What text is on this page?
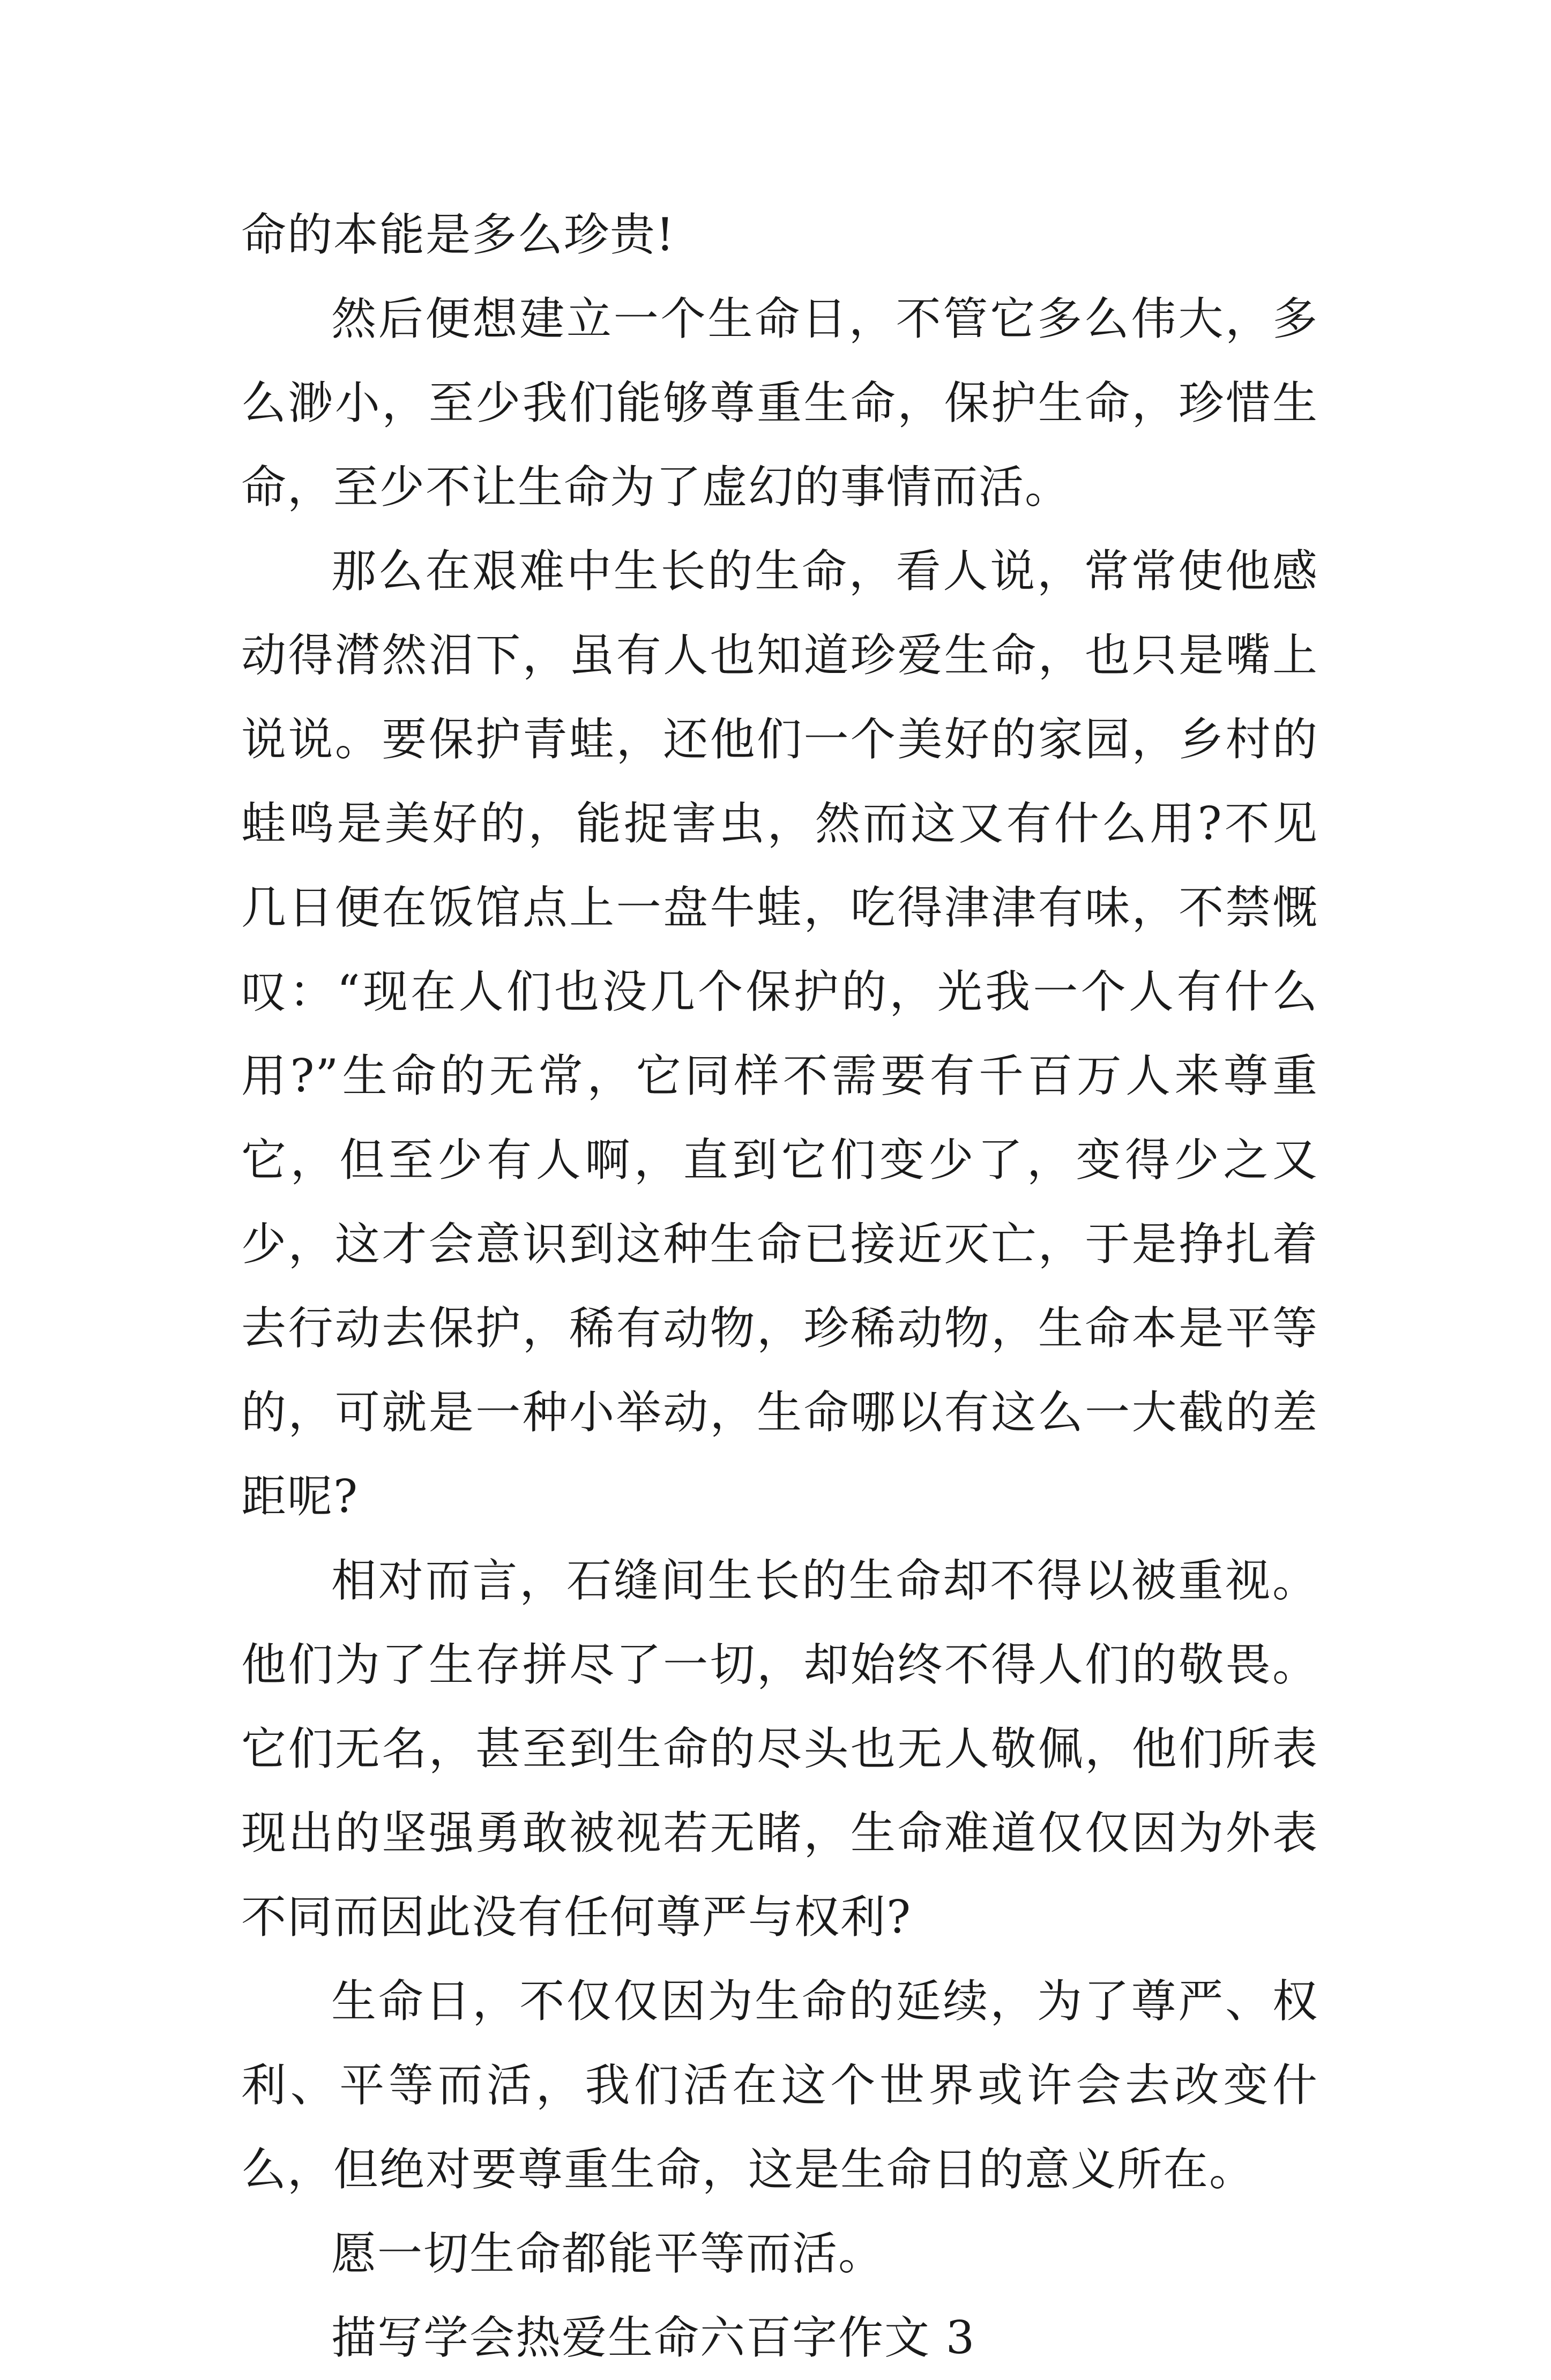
命的本能是多么珍贵!

然后便想建立一个生命日，不管它多么伟大，多么渺小，至少我们能够尊重生命，保护生命，珍惜生命，至少不让生命为了虚幻的事情而活。

那么在艰难中生长的生命，看人说，常常使他感动得潸然泪下，虽有人也知道珍爱生命，也只是嘴上说说。要保护青蛙，还他们一个美好的家园，乡村的蛙鸣是美好的，能捉害虫，然而这又有什么用?不见几日便在饭馆点上一盘牛蛙，吃得津津有味，不禁慨叹：“现在人们也没几个保护的，光我一个人有什么用?”生命的无常，它同样不需要有千百万人来尊重它，但至少有人啊，直到它们变少了，变得少之又少，这才会意识到这种生命已接近灭亡，于是挣扎着去行动去保护，稀有动物，珍稀动物，生命本是平等的，可就是一种小举动，生命哪以有这么一大截的差距呢?

相对而言，石缝间生长的生命却不得以被重视。他们为了生存拼尽了一切，却始终不得人们的敬畏。它们无名，甚至到生命的尽头也无人敬佩，他们所表现出的坚强勇敢被视若无睹，生命难道仅仅因为外表不同而因此没有任何尊严与权利?

生命日，不仅仅因为生命的延续，为了尊严、权利、平等而活，我们活在这个世界或许会去改变什么，但绝对要尊重生命，这是生命日的意义所在。

愿一切生命都能平等而活。

描写学会热爱生命六百字作文 3
